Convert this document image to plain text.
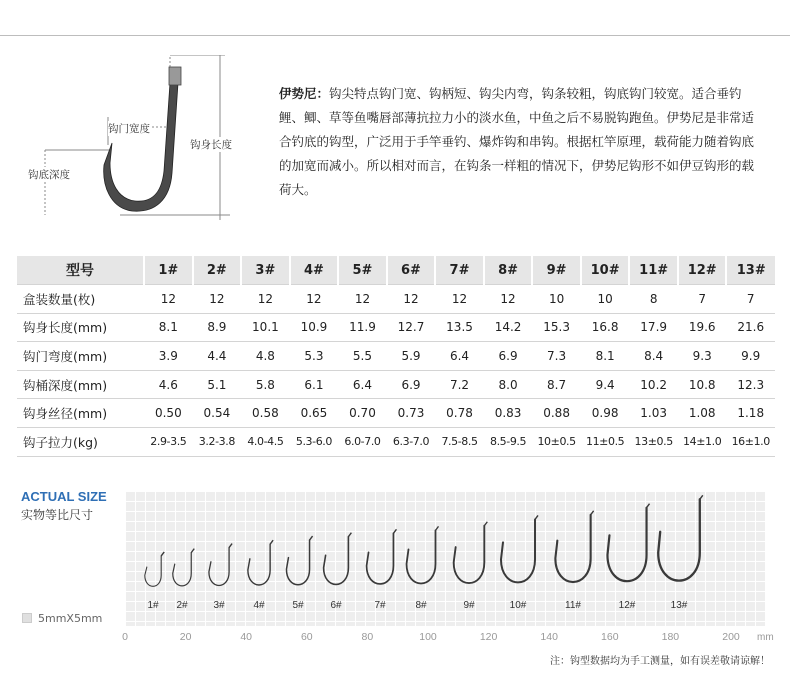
钩门宽度
钩身长度
钩底深度
伊势尼：钩尖特点钩门宽、钩柄短、钩尖内弯，钩条较粗，钩底钩门较宽。适合垂钓鲤、鲫、草等鱼嘴唇部薄抗拉力小的淡水鱼，中鱼之后不易脱钩跑鱼。伊势尼是非常适合钓底的钩型，广泛用于手竿垂钓、爆炸钩和串钩。根据杠竿原理，载荷能力随着钩底的加宽而减小。所以相对而言，在钩条一样粗的情况下，伊势尼钩形不如伊豆钩形的载荷大。
型号	1#	2#	3#	4#	5#	6#	7#	8#	9#	10#	11#	12#	13#
盒装数量(枚)	12	12	12	12	12	12	12	12	10	10	8	7	7
钩身长度(mm)	8.1	8.9	10.1	10.9	11.9	12.7	13.5	14.2	15.3	16.8	17.9	19.6	21.6
钩门弯度(mm)	3.9	4.4	4.8	5.3	5.5	5.9	6.4	6.9	7.3	8.1	8.4	9.3	9.9
钩桶深度(mm)	4.6	5.1	5.8	6.1	6.4	6.9	7.2	8.0	8.7	9.4	10.2	10.8	12.3
钩身丝径(mm)	0.50	0.54	0.58	0.65	0.70	0.73	0.78	0.83	0.88	0.98	1.03	1.08	1.18
钩子拉力(kg)	2.9-3.5	3.2-3.8	4.0-4.5	5.3-6.0	6.0-7.0	6.3-7.0	7.5-8.5	8.5-9.5	10±0.5	11±0.5	13±0.5	14±1.0	16±1.0
ACTUAL SIZE
实物等比尺寸
1# 2#	3#	4#	5#	6#	7#	8#	9#	10#	11#	12#	13#
5mmX5mm
0	20	40	60	80	100	120	140	160	180	200 mm
注：钩型数据均为手工测量，如有误差敬请谅解！
